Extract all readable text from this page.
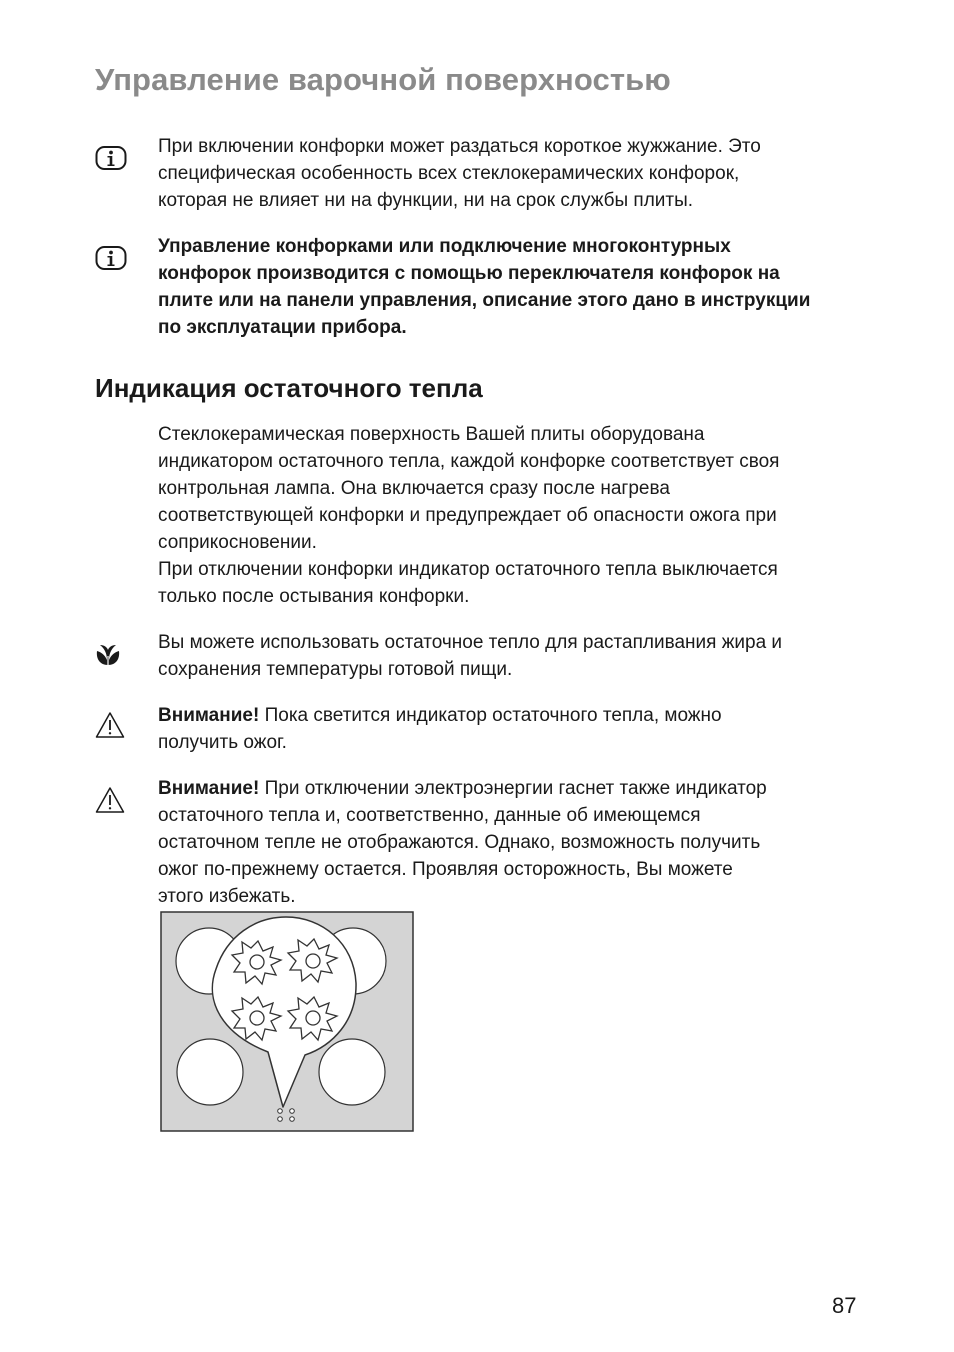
Управление варочной поверхностью
При включении конфорки может раздаться короткое жужжание. Это
специфическая особенность всех стеклокерамических конфорок,
которая не влияет ни на функции, ни на срок службы плиты.
Управление конфорками или подключение многоконтурных
конфорок производится с помощью переключателя конфорок на
плите или на панели управления, описание этого дано в инструкции
по эксплуатации прибора.
Индикация остаточного тепла
Стеклокерамическая поверхность Вашей плиты оборудована
индикатором остаточного тепла, каждой конфорке соответствует своя
контрольная лампа. Она включается сразу после нагрева
соответствующей конфорки и предупреждает об опасности ожога при
соприкосновении.
При отключении конфорки индикатор остаточного тепла выключается
только после остывания конфорки.
Вы можете использовать остаточное тепло для растапливания жира и
сохранения температуры готовой пищи.
Внимание! Пока светится индикатор остаточного тепла, можно
получить ожог.
Внимание! При отключении электроэнергии гаснет также индикатор
остаточного тепла и, соответственно, данные об имеющемся
остаточном тепле не отображаются. Однако, возможность получить
ожог по-прежнему остается. Проявляя осторожность, Вы можете
этого избежать.
87
